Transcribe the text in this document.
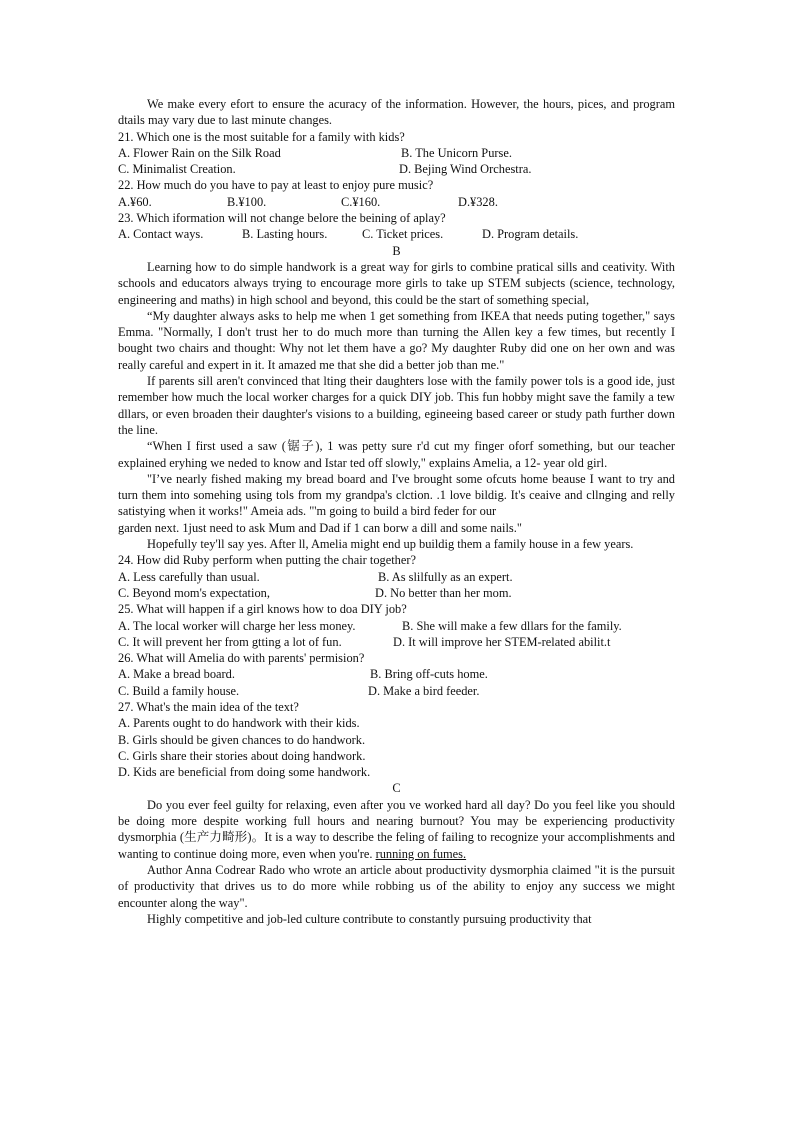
We make every efort to ensure the acuracy of the information. However, the hours, pices, and program dtails may vary due to last minute changes.
21. Which one is the most suitable for a family with kids?
A. Flower Rain on the Silk Road	B. The Unicorn Purse.
C. Minimalist Creation.	D. Bejing Wind Orchestra.
22. How much do you have to pay at least to enjoy pure music?
A.¥60.	B.¥100.	C.¥160.	D.¥328.
23. Which iformation will not change belore the beining of aplay?
A. Contact ways.	B. Lasting hours.	C. Ticket prices.	D. Program details.
B
Learning how to do simple handwork is a great way for girls to combine pratical sills and ceativity. With schools and educators always trying to encourage more girls to take up STEM subjects (science, technology, engineering and maths) in high school and beyond, this could be the start of something special,
“My daughter always asks to help me when 1 get something from IKEA that needs puting together," says Emma. "Normally, I don't trust her to do much more than turning the Allen key a few times, but recently I bought two chairs and thought: Why not let them have a go? My daughter Ruby did one on her own and was really careful and expert in it. It amazed me that she did a better job than me."
If parents sill aren't convinced that lting their daughters lose with the family power tols is a good ide, just remember how much the local worker charges for a quick DIY job. This fun hobby might save the family a tew dllars, or even broaden their daughter's visions to a building, egineeing based career or study path further down the line.
“When I first used a saw (锯子), 1 was petty sure r'd cut my finger oforf something, but our teacher explained eryhing we neded to know and Istar ted off slowly," explains Amelia, a 12- year old girl.
"I’ve nearly fished making my bread board and I've brought some ofcuts home beause I want to try and turn them into somehing using tols from my grandpa's clction. .1 love bildig. It's ceaive and cllnging and relly satistying when it works!" Ameia ads. "'m going to build a bird feder for our
garden next. 1just need to ask Mum and Dad if 1 can borw a dill and some nails."
Hopefully tey'll say yes. After ll, Amelia might end up buildig them a family house in a few years.
24. How did Ruby perform when putting the chair together?
A. Less carefully than usual.	B. As slilfully as an expert.
C. Beyond mom's expectation,	D. No better than her mom.
25. What will happen if a girl knows how to doa DIY job?
A. The local worker will charge her less money.	B. She will make a few dllars for the family.
C. It will prevent her from gtting a lot of fun.	D. It will improve her STEM-related abilit.t
26. What will Amelia do with parents' permision?
A. Make a bread board.	B. Bring off-cuts home.
C. Build a family house.	D. Make a bird feeder.
27. What's the main idea of the text?
A. Parents ought to do handwork with their kids.
B. Girls should be given chances to do handwork.
C. Girls share their stories about doing handwork.
D. Kids are beneficial from doing some handwork.
C
Do you ever feel guilty for relaxing, even after you ve worked hard all day? Do you feel like you should be doing more despite working full hours and nearing burnout? You may be experiencing productivity dysmorphia (生产力畸形)。It is a way to describe the feling of failing to recognize your accomplishments and wanting to continue doing more, even when you're. running on fumes.
Author Anna Codrear Rado who wrote an article about productivity dysmorphia claimed "it is the pursuit of productivity that drives us to do more while robbing us of the ability to enjoy any success we might encounter along the way".
Highly competitive and job-led culture contribute to constantly pursuing productivity that
